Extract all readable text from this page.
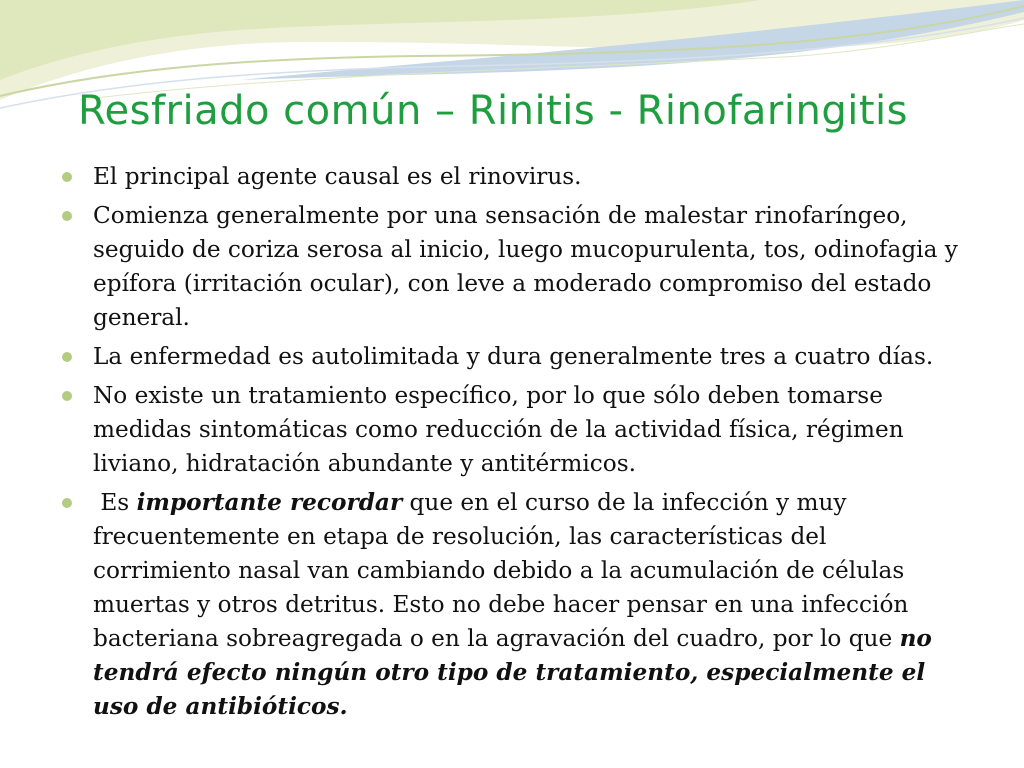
Resfriado común – Rinitis - Rinofaringitis
El principal agente causal es el rinovirus.
Comienza generalmente por una sensación de malestar rinofaríngeo, seguido de coriza serosa al inicio, luego mucopurulenta, tos, odinofagia y epífora (irritación ocular), con leve a moderado compromiso del estado general.
La enfermedad es autolimitada y dura generalmente tres a cuatro días.
No existe un tratamiento específico, por lo que sólo deben tomarse medidas sintomáticas como reducción de la actividad física, régimen liviano, hidratación abundante y antitérmicos.
Es importante recordar que en el curso de la infección y muy frecuentemente en etapa de resolución, las características del corrimiento nasal van cambiando debido a la acumulación de células muertas y otros detritus. Esto no debe hacer pensar en una infección bacteriana sobreagregada o en la agravación del cuadro, por lo que no tendrá efecto ningún otro tipo de tratamiento, especialmente el uso de antibióticos.
